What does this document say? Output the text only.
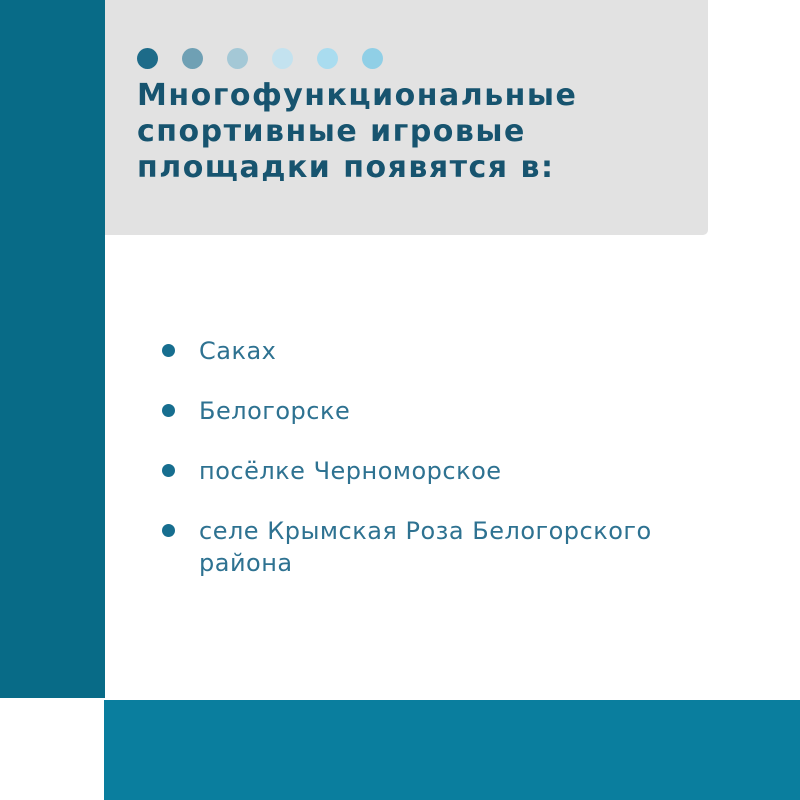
Многофункциональные
спортивные игровые
площадки появятся в:
Саках
Белогорске
посёлке Черноморское
селе Крымская Роза Белогорского района
